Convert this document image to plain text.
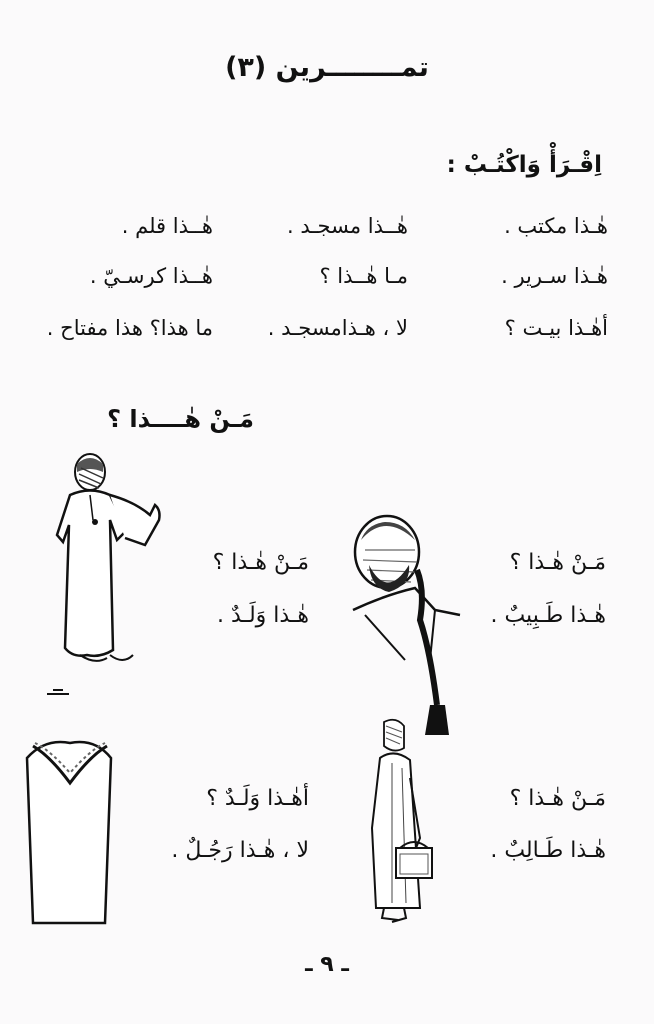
تمــــــــرين (٣)
اِقْـرَأْ وَاكْتُـبْ :
هٰـذا مكتب .
هٰــذا مسجـد .
هٰــذا قلم .
هٰـذا سـرير .
مـا هٰــذا ؟
هٰــذا كرسـيّ .
أهٰـذا بيـت ؟
لا ، هـذامسجـد .
ما هذا؟ هذا مفتاح .
مَـنْ هٰــــذا ؟
مَـنْ هٰـذا ؟
هٰـذا طَـبِيبٌ .
مَـنْ هٰـذا ؟
هٰـذا وَلَـدٌ .
مَـنْ هٰـذا ؟
هٰـذا طَـالِبٌ .
أهٰـذا وَلَـدٌ ؟
لا ، هٰـذا رَجُـلٌ .
ـ ٩ ـ
